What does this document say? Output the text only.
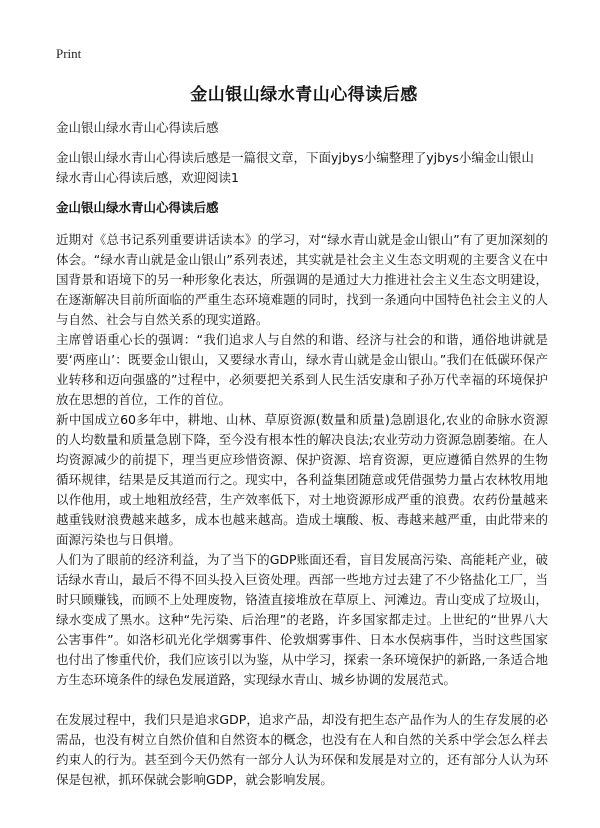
Print
金山银山绿水青山心得读后感

金山银山绿水青山心得读后感

金山银山绿水青山心得读后感是一篇很文章，下面yjbys小编整理了yjbys小编金山银山绿水青山心得读后感，欢迎阅读1

金山银山绿水青山心得读后感

近期对《总书记系列重要讲话读本》的学习，对“绿水青山就是金山银山”有了更加深刻的体会。“绿水青山就是金山银山”系列表述，其实就是社会主义生态文明观的主要含义在中国背景和语境下的另一种形象化表达，所强调的是通过大力推进社会主义生态文明建设，在逐渐解决目前所面临的严重生态环境难题的同时，找到一条通向中国特色社会主义的人与自然、社会与自然关系的现实道路。

主席曾语重心长的强调：“我们追求人与自然的和谐、经济与社会的和谐，通俗地讲就是要‘两座山’：既要金山银山，又要绿水青山，绿水青山就是金山银山。”我们在低碳环保产业转移和迈向强盛的”过程中，必须要把关系到人民生活安康和子孙万代幸福的环境保护放在思想的首位，工作的首位。

新中国成立60多年中，耕地、山林、草原资源(数量和质量)急剧退化,农业的命脉水资源的人均数量和质量急剧下降，至今没有根本性的解决良法;农业劳动力资源急剧萎缩。在人均资源减少的前提下，理当更应珍惜资源、保护资源、培育资源，更应遵循自然界的生物循环规律，结果是反其道而行之。现实中，各利益集团随意或凭借强势力量占农林牧用地以作他用，或土地粗放经营，生产效率低下，对土地资源形成严重的浪费。农药份量越来越重钱财浪费越来越多，成本也越来越高。造成土壤酸、板、毒越来越严重，由此带来的面源污染也与日俱增。

人们为了眼前的经济利益，为了当下的GDP账面还看，盲目发展高污染、高能耗产业，破话绿水青山，最后不得不回头投入巨资处理。西部一些地方过去建了不少铬盐化工厂，当时只顾赚钱，而顾不上处理废物，铬渣直接堆放在草原上、河滩边。青山变成了垃圾山，绿水变成了黑水。这种“先污染、后治理”的老路，许多国家都走过。上世纪的“世界八大公害事件”。如洛杉矶光化学烟雾事件、伦敦烟雾事件、日本水俣病事件，当时这些国家也付出了惨重代价，我们应该引以为鉴，从中学习，探索一条环境保护的新路,一条适合地方生态环境条件的绿色发展道路，实现绿水青山、城乡协调的发展范式。

在发展过程中，我们只是追求GDP，追求产品，却没有把生态产品作为人的生存发展的必需品，也没有树立自然价值和自然资本的概念，也没有在人和自然的关系中学会怎么样去约束人的行为。甚至到今天仍然有一部分人认为环保和发展是对立的，还有部分人认为环保是包袱，抓环保就会影响GDP，就会影响发展。
